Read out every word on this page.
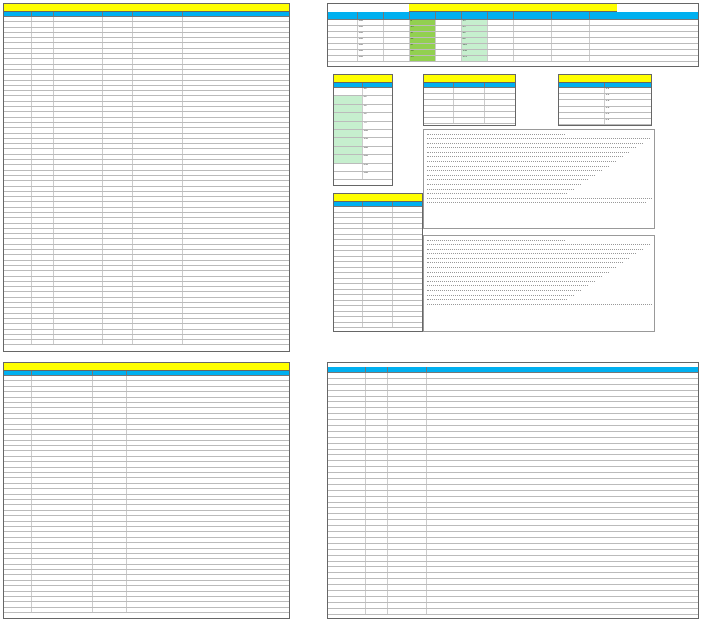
100	8	15
100	13	25
100	17	40
100	21	60
100	27	120
100	30	150
100	35	170
10
20
30
50
75
100
130
160
200
250
300
1.2
1.4
1.6
1.8
2.0
2.2
